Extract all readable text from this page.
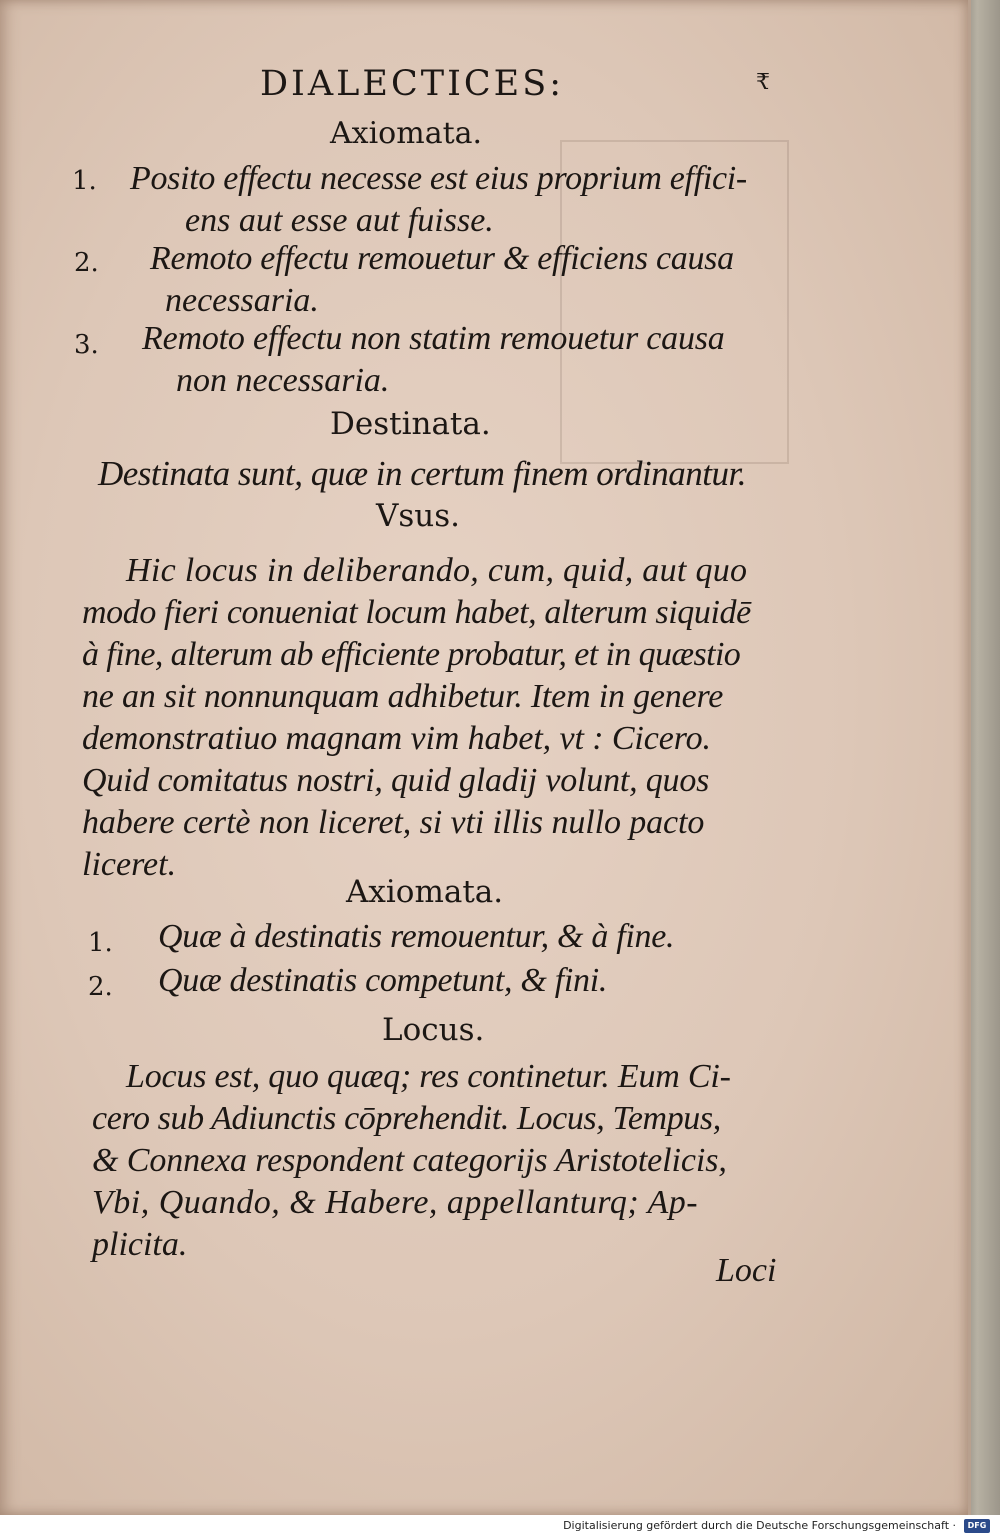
DIALECTICES:	₹
Axiomata.
1. Posito effectu necesse est eius proprium effici-
ens aut esse aut fuisse.
2. Remoto effectu remouetur & efficiens causa
necessaria.
3. Remoto effectu non statim remouetur causa
non necessaria.
Destinata.
Destinata sunt, quæ in certum finem ordinantur.
Vsus.
Hic locus in deliberando, cum, quid, aut quo
modo fieri conueniat locum habet, alterum siquidē
à fine, alterum ab efficiente probatur, et in quæstio
ne an sit nonnunquam adhibetur. Item in genere
demonstratiuo magnam vim habet, vt : Cicero.
Quid comitatus nostri, quid gladij volunt, quos
habere certè non liceret, si vti illis nullo pacto
liceret.
Axiomata.
1. Quæ à destinatis remouentur, & à fine.
2. Quæ destinatis competunt, & fini.
Locus.
Locus est, quo quæq; res continetur. Eum Ci-
cero sub Adiunctis cōprehendit. Locus, Tempus,
& Connexa respondent categorijs Aristotelicis,
Vbi, Quando, & Habere, appellanturq; Ap-
plicita.
Loci
Digitalisierung gefördert durch die Deutsche Forschungsgemeinschaft ·	DFG
